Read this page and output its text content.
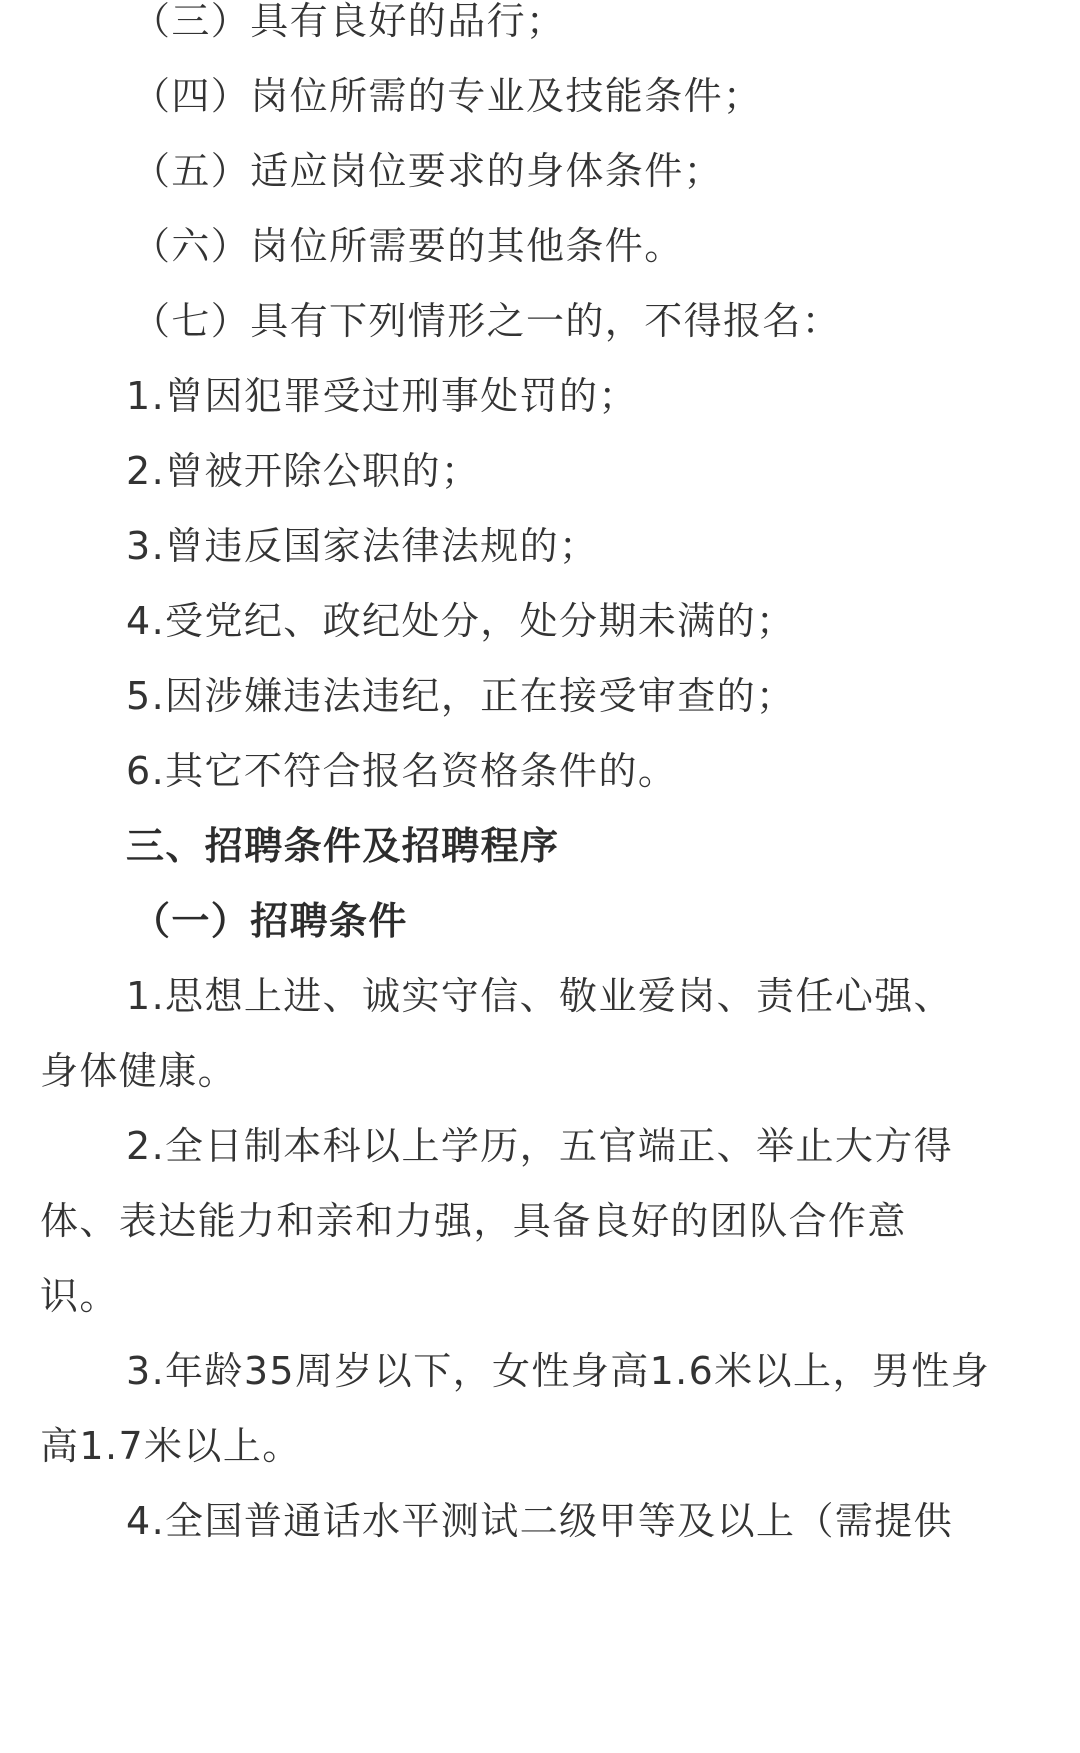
（三）具有良好的品行；
（四）岗位所需的专业及技能条件；
（五）适应岗位要求的身体条件；
（六）岗位所需要的其他条件。
（七）具有下列情形之一的，不得报名：
1.曾因犯罪受过刑事处罚的；
2.曾被开除公职的；
3.曾违反国家法律法规的；
4.受党纪、政纪处分，处分期未满的；
5.因涉嫌违法违纪，正在接受审查的；
6.其它不符合报名资格条件的。
三、招聘条件及招聘程序
（一）招聘条件
1.思想上进、诚实守信、敬业爱岗、责任心强、
身体健康。
2.全日制本科以上学历，五官端正、举止大方得
体、表达能力和亲和力强，具备良好的团队合作意
识。
3.年龄35周岁以下，女性身高1.6米以上，男性身
高1.7米以上。
4.全国普通话水平测试二级甲等及以上（需提供
